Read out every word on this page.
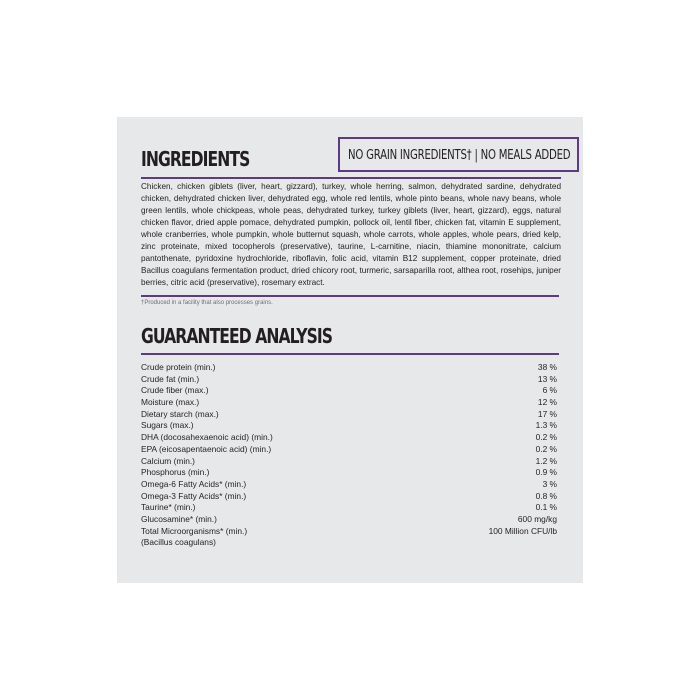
INGREDIENTS	NO GRAIN INGREDIENTS† | NO MEALS ADDED

Chicken, chicken giblets (liver, heart, gizzard), turkey, whole herring, salmon, dehydrated sardine, dehydrated chicken, dehydrated chicken liver, dehydrated egg, whole red lentils, whole pinto beans, whole navy beans, whole green lentils, whole chickpeas, whole peas, dehydrated turkey, turkey giblets (liver, heart, gizzard), eggs, natural chicken flavor, dried apple pomace, dehydrated pumpkin, pollock oil, lentil fiber, chicken fat, vitamin E supplement, whole cranberries, whole pumpkin, whole butternut squash, whole carrots, whole apples, whole pears, dried kelp, zinc proteinate, mixed tocopherols (preservative), taurine, L-carnitine, niacin, thiamine mononitrate, calcium pantothenate, pyridoxine hydrochloride, riboflavin, folic acid, vitamin B12 supplement, copper proteinate, dried Bacillus coagulans fermentation product, dried chicory root, turmeric, sarsaparilla root, althea root, rosehips, juniper berries, citric acid (preservative), rosemary extract.

†Produced in a facility that also processes grains.
GUARANTEED ANALYSIS
Crude protein (min.)	38 %
Crude fat (min.)	13 %
Crude fiber (max.)	6 %
Moisture (max.)	12 %
Dietary starch (max.)	17 %
Sugars (max.)	1.3 %
DHA (docosahexaenoic acid) (min.)	0.2 %
EPA (eicosapentaenoic acid) (min.)	0.2 %
Calcium (min.)	1.2 %
Phosphorus (min.)	0.9 %
Omega-6 Fatty Acids* (min.)	3 %
Omega-3 Fatty Acids* (min.)	0.8 %
Taurine* (min.)	0.1 %
Glucosamine* (min.)	600 mg/kg
Total Microorganisms* (min.)	100 Million CFU/lb
(Bacillus coagulans)
